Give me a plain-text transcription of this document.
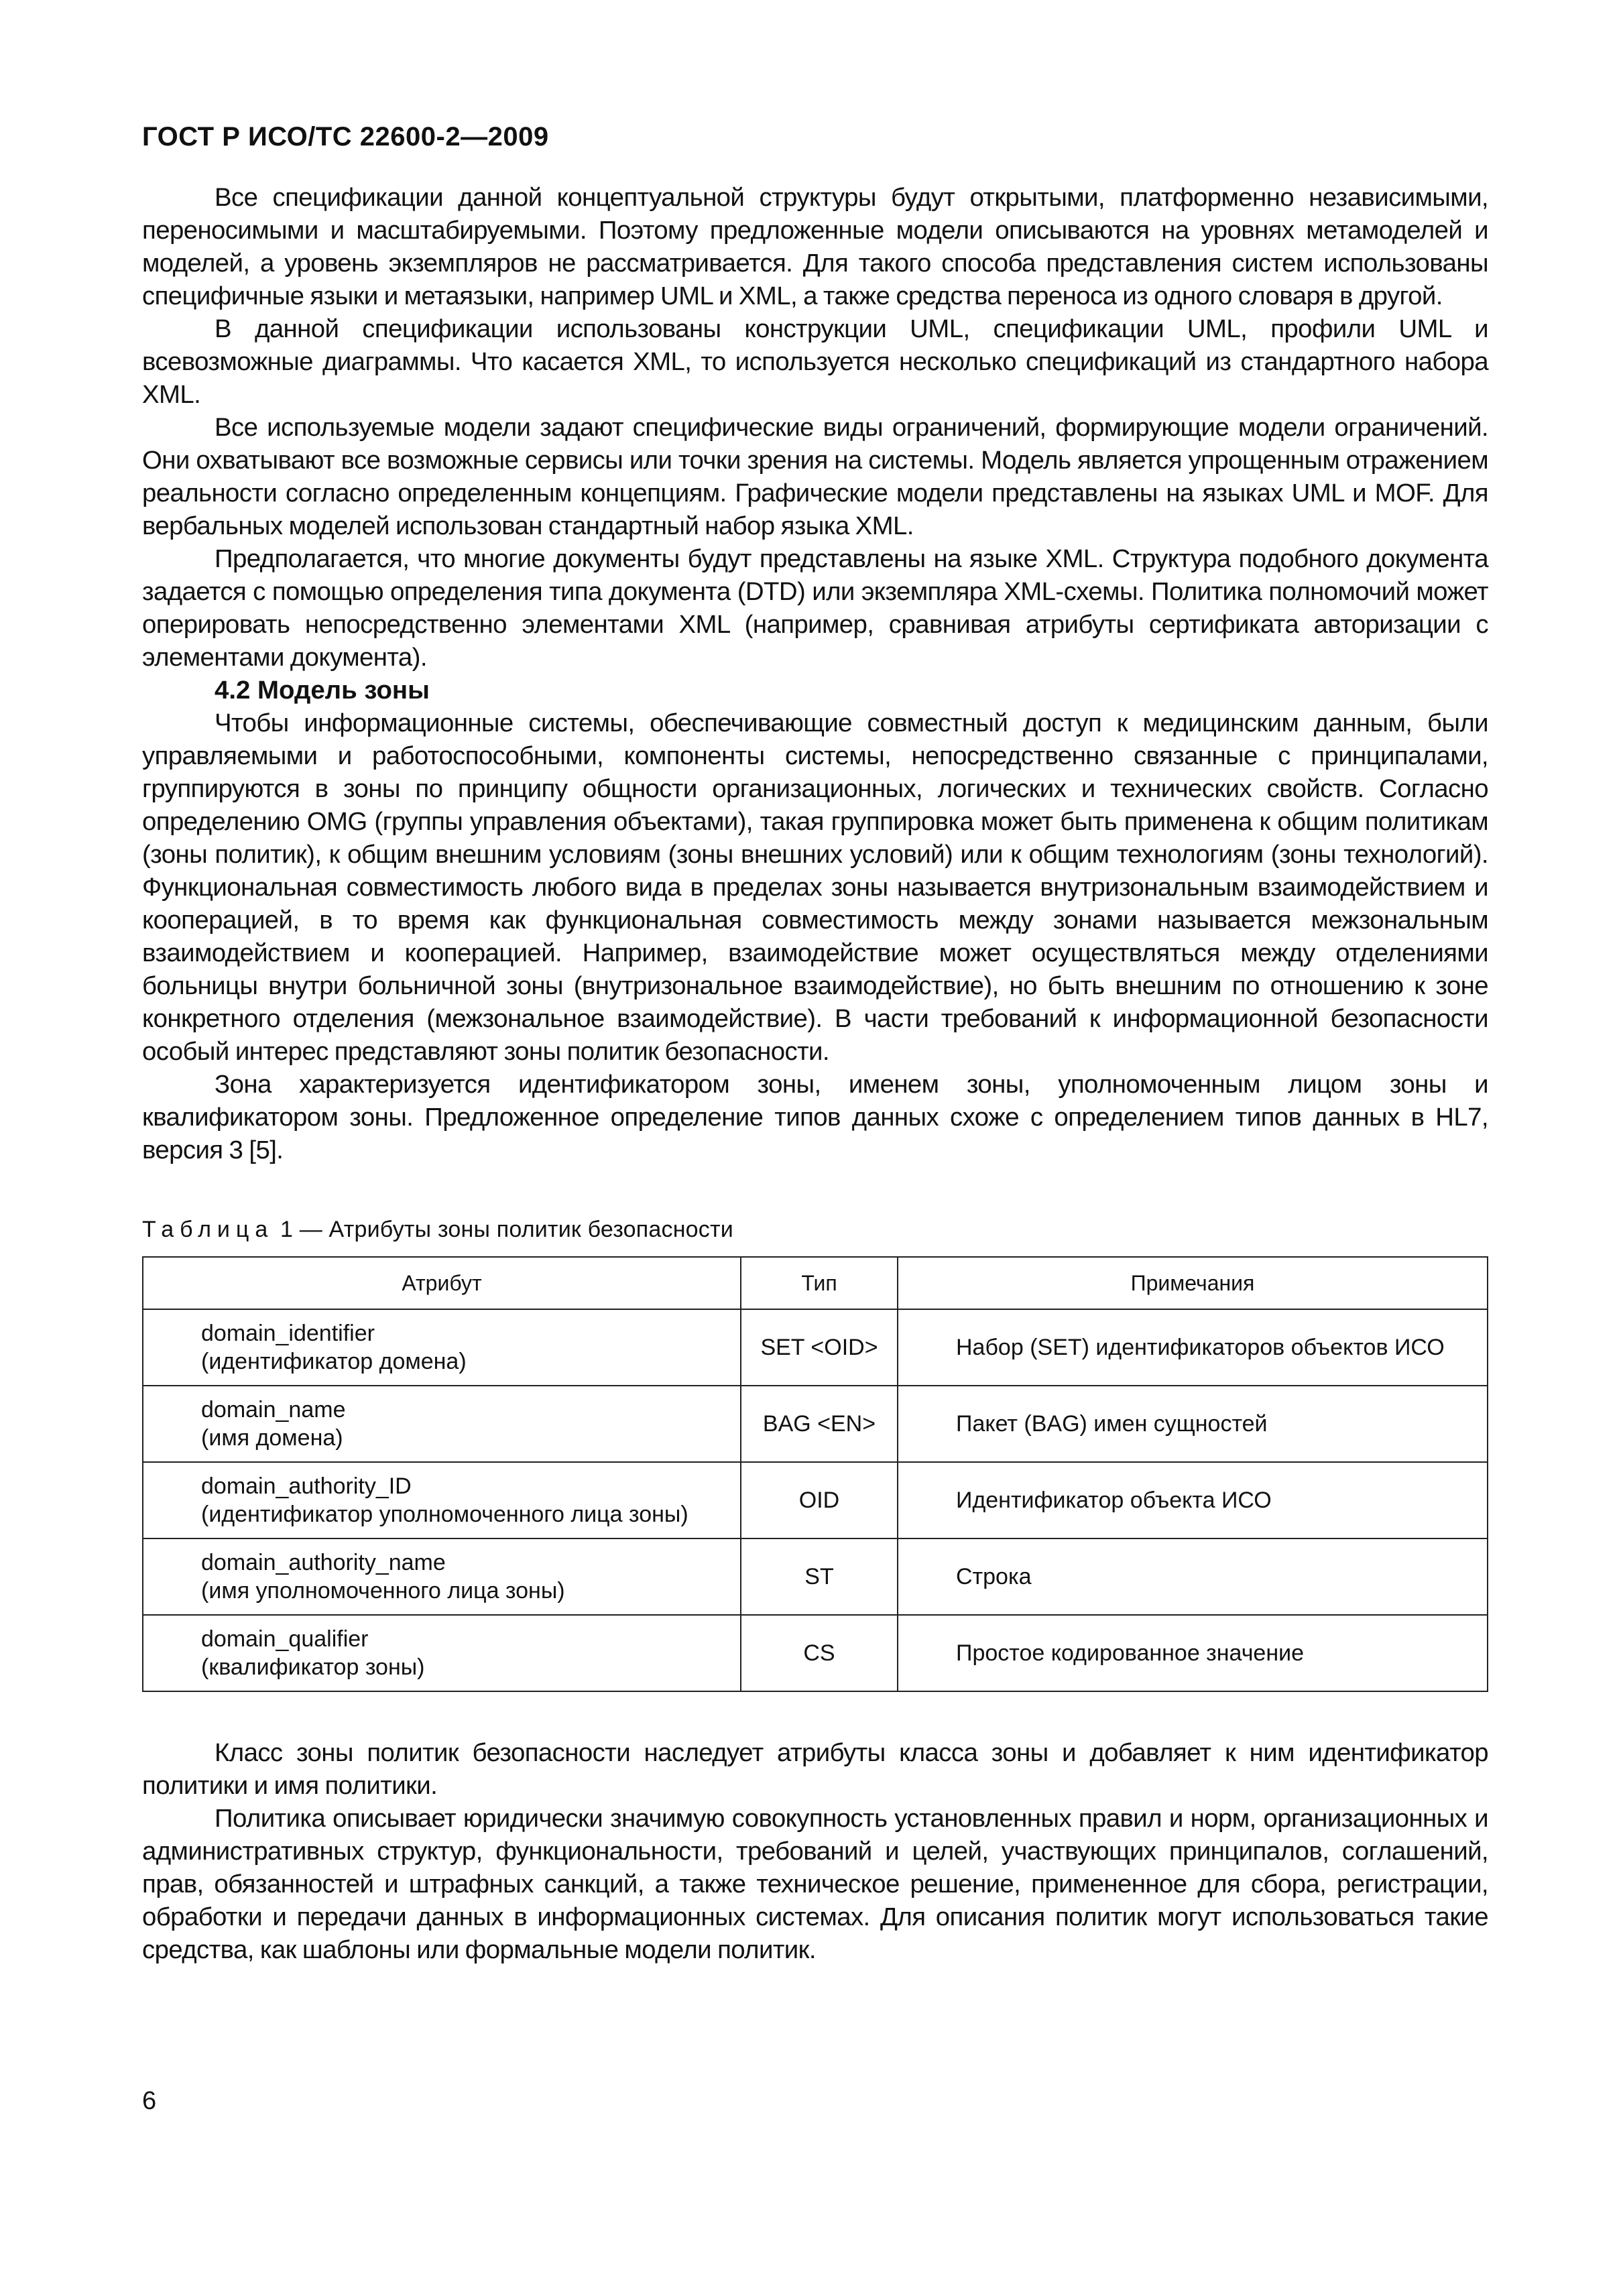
ГОСТ Р ИСО/ТС 22600-2—2009

Все спецификации данной концептуальной структуры будут открытыми, платформенно независимыми, переносимыми и масштабируемыми. Поэтому предложенные модели описываются на уровнях метамоделей и моделей, а уровень экземпляров не рассматривается. Для такого способа представления систем использованы специфичные языки и метаязыки, например UML и XML, а также средства переноса из одного словаря в другой.

В данной спецификации использованы конструкции UML, спецификации UML, профили UML и всевозможные диаграммы. Что касается XML, то используется несколько спецификаций из стандартного набора XML.

Все используемые модели задают специфические виды ограничений, формирующие модели ограничений. Они охватывают все возможные сервисы или точки зрения на системы. Модель является упрощенным отражением реальности согласно определенным концепциям. Графические модели представлены на языках UML и MOF. Для вербальных моделей использован стандартный набор языка XML.

Предполагается, что многие документы будут представлены на языке XML. Структура подобного документа задается с помощью определения типа документа (DTD) или экземпляра XML-схемы. Политика полномочий может оперировать непосредственно элементами XML (например, сравнивая атрибуты сертификата авторизации с элементами документа).

4.2 Модель зоны

Чтобы информационные системы, обеспечивающие совместный доступ к медицинским данным, были управляемыми и работоспособными, компоненты системы, непосредственно связанные с принципалами, группируются в зоны по принципу общности организационных, логических и технических свойств. Согласно определению OMG (группы управления объектами), такая группировка может быть применена к общим политикам (зоны политик), к общим внешним условиям (зоны внешних условий) или к общим технологиям (зоны технологий). Функциональная совместимость любого вида в пределах зоны называется внутризональным взаимодействием и кооперацией, в то время как функциональная совместимость между зонами называется межзональным взаимодействием и кооперацией. Например, взаимодействие может осуществляться между отделениями больницы внутри больничной зоны (внутризональное взаимодействие), но быть внешним по отношению к зоне конкретного отделения (межзональное взаимодействие). В части требований к информационной безопасности особый интерес представляют зоны политик безопасности.

Зона характеризуется идентификатором зоны, именем зоны, уполномоченным лицом зоны и квалификатором зоны. Предложенное определение типов данных схоже с определением типов данных в HL7, версия 3 [5].

Таблица 1 — Атрибуты зоны политик безопасности
Атрибут	Тип	Примечания

domain_identifier
(идентификатор домена)	SET <OID>	Набор (SET) идентификаторов объектов ИСО

domain_name
(имя домена)	BAG <EN>	Пакет (BAG) имен сущностей

domain_authority_ID
(идентификатор уполномоченного лица зоны)	OID	Идентификатор объекта ИСО

domain_authority_name
(имя уполномоченного лица зоны)	ST	Строка

domain_qualifier
(квалификатор зоны)	CS	Простое кодированное значение

Класс зоны политик безопасности наследует атрибуты класса зоны и добавляет к ним идентификатор политики и имя политики.

Политика описывает юридически значимую совокупность установленных правил и норм, организационных и административных структур, функциональности, требований и целей, участвующих принципалов, соглашений, прав, обязанностей и штрафных санкций, а также техническое решение, примененное для сбора, регистрации, обработки и передачи данных в информационных системах. Для описания политик могут использоваться такие средства, как шаблоны или формальные модели политик.

6
